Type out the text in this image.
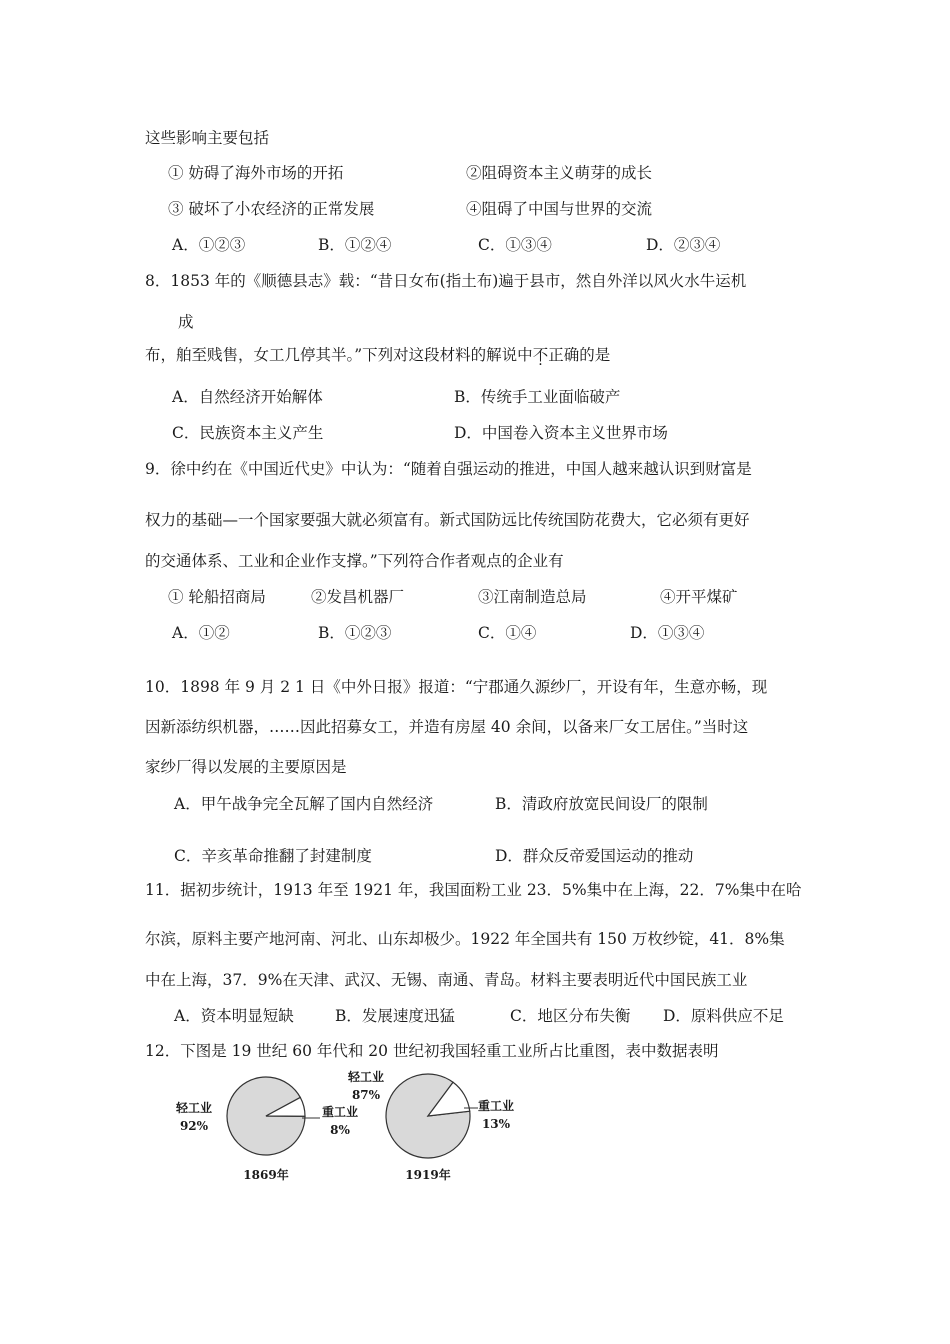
这些影响主要包括
① 妨碍了海外市场的开拓	②阻碍资本主义萌芽的成长
③ 破坏了小农经济的正常发展	④阻碍了中国与世界的交流
A．①②③	B．①②④	C．①③④	D．②③④
8．1853 年的《顺德县志》载：“昔日女布(指土布)遍于县市，然自外洋以风火水牛运机
成
布，舶至贱售，女工几停其半。”下列对这段材料的解说中不正确的是
A．自然经济开始解体	B．传统手工业面临破产
C．民族资本主义产生	D．中国卷入资本主义世界市场
9．徐中约在《中国近代史》中认为：“随着自强运动的推进，中国人越来越认识到财富是
权力的基础—一个国家要强大就必须富有。新式国防远比传统国防花费大，它必须有更好
的交通体系、工业和企业作支撑。”下列符合作者观点的企业有
① 轮船招商局	②发昌机器厂	③江南制造总局	④开平煤矿
A．①②	B．①②③	C．①④	D．①③④
10．1898 年 9 月 2 1 日《中外日报》报道：“宁郡通久源纱厂，开设有年，生意亦畅，现
因新添纺织机器，……因此招募女工，并造有房屋 40 余间，以备来厂女工居住。”当时这
家纱厂得以发展的主要原因是
A．甲午战争完全瓦解了国内自然经济	B．清政府放宽民间设厂的限制
C．辛亥革命推翻了封建制度	D．群众反帝爱国运动的推动
11．据初步统计，1913 年至 1921 年，我国面粉工业 23．5%集中在上海，22．7%集中在哈
尔滨，原料主要产地河南、河北、山东却极少。1922 年全国共有 150 万枚纱锭，41．8%集
中在上海，37．9%在天津、武汉、无锡、南通、青岛。材料主要表明近代中国民族工业
A．资本明显短缺	B．发展速度迅猛	C．地区分布失衡 D．原料供应不足
12．下图是 19 世纪 60 年代和 20 世纪初我国轻重工业所占比重图，表中数据表明
轻工业
92%
重工业
8%
1869年
轻工业
87%
重工业
13%
1919年
